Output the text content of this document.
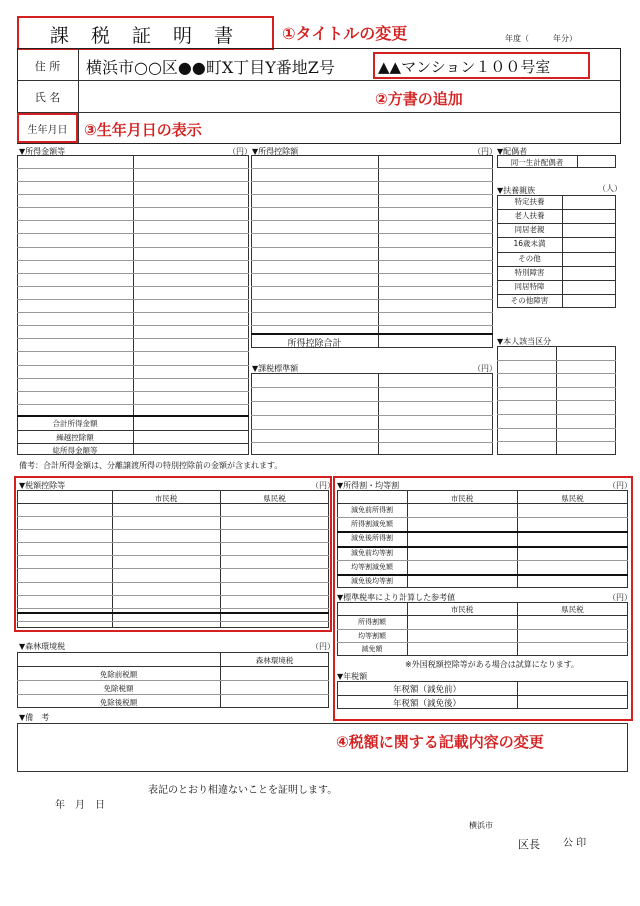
課 税 証 明 書	①タイトルの変更	年度（　　　年分）
住 所	横浜市○○区●●町X丁目Y番地Z号	▲▲マンション１００号室
氏 名	②方書の追加
生年月日	③生年月日の表示
▼所得金額等	（円）
合計所得金額
繰越控除額
総所得金額等
備考：合計所得金額は、分離譲渡所得の特別控除前の金額が含まれます。
▼所得控除額	（円）
所得控除合計
▼課税標準額	（円）
▼配偶者
同一生計配偶者
▼扶養親族	（人）
特定扶養
老人扶養
同居老親
16歳未満
その他
特別障害
同居特障
その他障害
▼本人該当区分
▼税額控除等	（円）
市民税	県民税
▼所得割・均等割	（円）
市民税	県民税
減免前所得割
所得割減免額
減免後所得割
減免前均等割
均等割減免額
減免後均等割
▼標準税率により計算した参考値	（円）
市民税	県民税
所得割額
均等割額
減免額
※外国税額控除等がある場合は試算になります。
▼年税額
年税額（減免前）
年税額（減免後）
▼森林環境税	（円）
森林環境税
免除前税額
免除税額
免除後税額
▼備　考
④税額に関する記載内容の変更
表記のとおり相違ないことを証明します。
年　月　日
横浜市
区長 公 印
